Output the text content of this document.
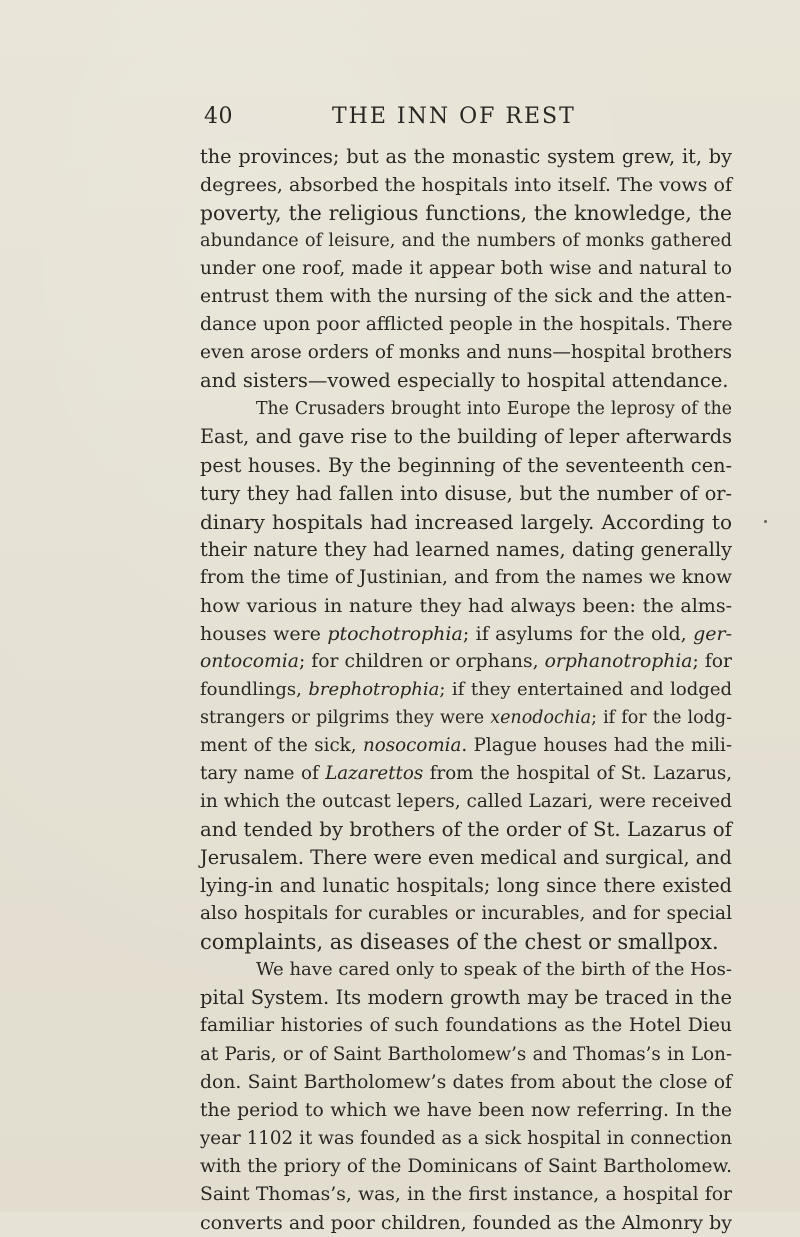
40	THE INN OF REST
the provinces; but as the monastic system grew, it, by
degrees, absorbed the hospitals into itself. The vows of
poverty, the religious functions, the knowledge, the
abundance of leisure, and the numbers of monks gathered
under one roof, made it appear both wise and natural to
entrust them with the nursing of the sick and the atten-
dance upon poor afflicted people in the hospitals. There
even arose orders of monks and nuns—hospital brothers
and sisters—vowed especially to hospital attendance.
The Crusaders brought into Europe the leprosy of the
East, and gave rise to the building of leper afterwards
pest houses. By the beginning of the seventeenth cen-
tury they had fallen into disuse, but the number of or-
dinary hospitals had increased largely. According to
their nature they had learned names, dating generally
from the time of Justinian, and from the names we know
how various in nature they had always been: the alms-
houses were ptochotrophia; if asylums for the old, ger-
ontocomia; for children or orphans, orphanotrophia; for
foundlings, brephotrophia; if they entertained and lodged
strangers or pilgrims they were xenodochia; if for the lodg-
ment of the sick, nosocomia. Plague houses had the mili-
tary name of Lazarettos from the hospital of St. Lazarus,
in which the outcast lepers, called Lazari, were received
and tended by brothers of the order of St. Lazarus of
Jerusalem. There were even medical and surgical, and
lying-in and lunatic hospitals; long since there existed
also hospitals for curables or incurables, and for special
complaints, as diseases of the chest or smallpox.
We have cared only to speak of the birth of the Hos-
pital System. Its modern growth may be traced in the
familiar histories of such foundations as the Hotel Dieu
at Paris, or of Saint Bartholomew’s and Thomas’s in Lon-
don. Saint Bartholomew’s dates from about the close of
the period to which we have been now referring. In the
year 1102 it was founded as a sick hospital in connection
with the priory of the Dominicans of Saint Bartholomew.
Saint Thomas’s, was, in the first instance, a hospital for
converts and poor children, founded as the Almonry by
